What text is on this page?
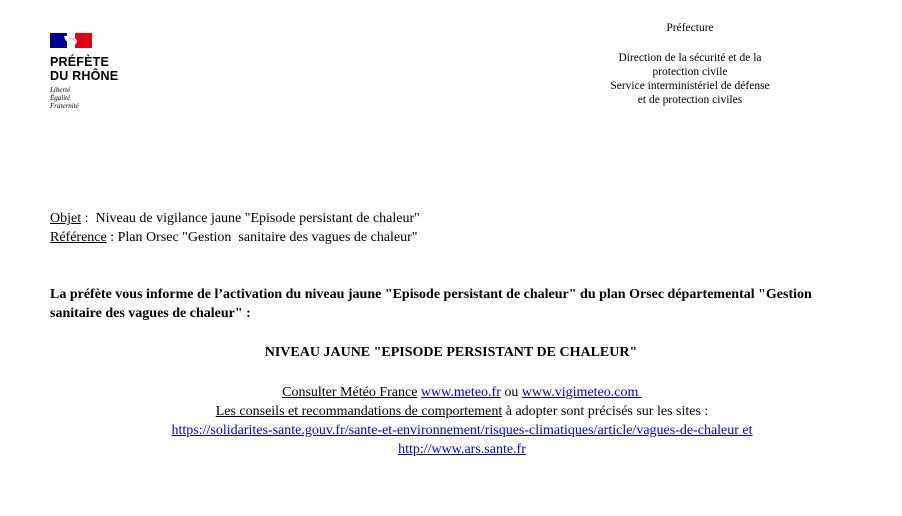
PRÉFÈTE
DU RHÔNE
Liberté
Égalité
Fraternité
Préfecture
Direction de la sécurité et de la
protection civile
Service interministériel de défense
et de protection civiles
Objet :  Niveau de vigilance jaune "Episode persistant de chaleur"
Référence : Plan Orsec "Gestion  sanitaire des vagues de chaleur"
La préfète vous informe de l’activation du niveau jaune "Episode persistant de chaleur" du plan Orsec départemental "Gestion sanitaire des vagues de chaleur" :
NIVEAU JAUNE "EPISODE PERSISTANT DE CHALEUR"
Consulter Météo France www.meteo.fr ou www.vigimeteo.com
Les conseils et recommandations de comportement à adopter sont précisés sur les sites :
https://solidarites-sante.gouv.fr/sante-et-environnement/risques-climatiques/article/vagues-de-chaleur et
http://www.ars.sante.fr
